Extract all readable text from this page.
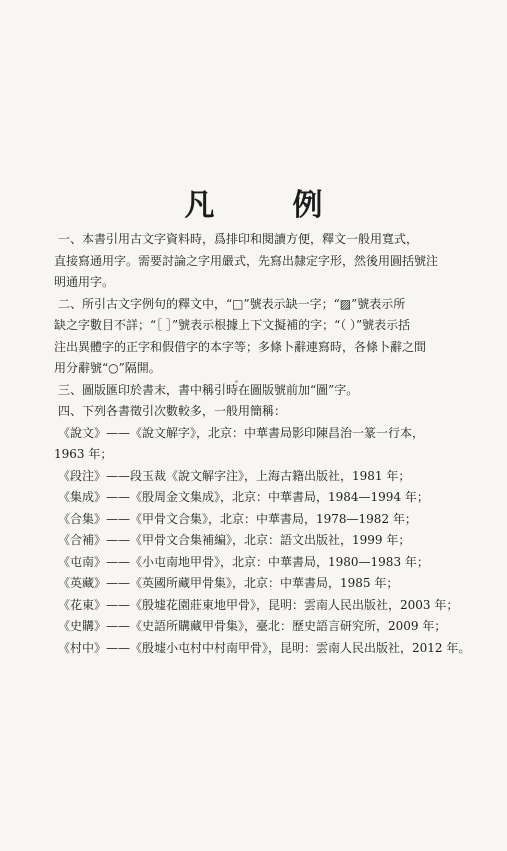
凡　例
一、本書引用古文字資料時，爲排印和閱讀方便，釋文一般用寬式，
直接寫通用字。需要討論之字用嚴式，先寫出隸定字形，然後用圓括號注
明通用字。
二、所引古文字例句的釋文中，“□”號表示缺一字；“▨”號表示所
缺之字數目不詳；“［ ］”號表示根據上下文擬補的字；“（ ）”號表示括
注出異體字的正字和假借字的本字等；多條卜辭連寫時，各條卜辭之間
用分辭號“○”隔開。
三、圖版匯印於書末，書中稱引時在圖版號前加“圖”字。
四、下列各書徵引次數較多，一般用簡稱：
《說文》——《說文解字》，北京：中華書局影印陳昌治一篆一行本，
1963 年；
《段注》——段玉裁《說文解字注》，上海古籍出版社，1981 年；
《集成》——《殷周金文集成》，北京：中華書局，1984—1994 年；
《合集》——《甲骨文合集》，北京：中華書局，1978—1982 年；
《合補》——《甲骨文合集補編》，北京：語文出版社，1999 年；
《屯南》——《小屯南地甲骨》，北京：中華書局，1980—1983 年；
《英藏》——《英國所藏甲骨集》，北京：中華書局，1985 年；
《花東》——《殷墟花園莊東地甲骨》，昆明：雲南人民出版社，2003 年；
《史購》——《史語所購藏甲骨集》，臺北：歷史語言研究所，2009 年；
《村中》——《殷墟小屯村中村南甲骨》，昆明：雲南人民出版社，2012 年。
